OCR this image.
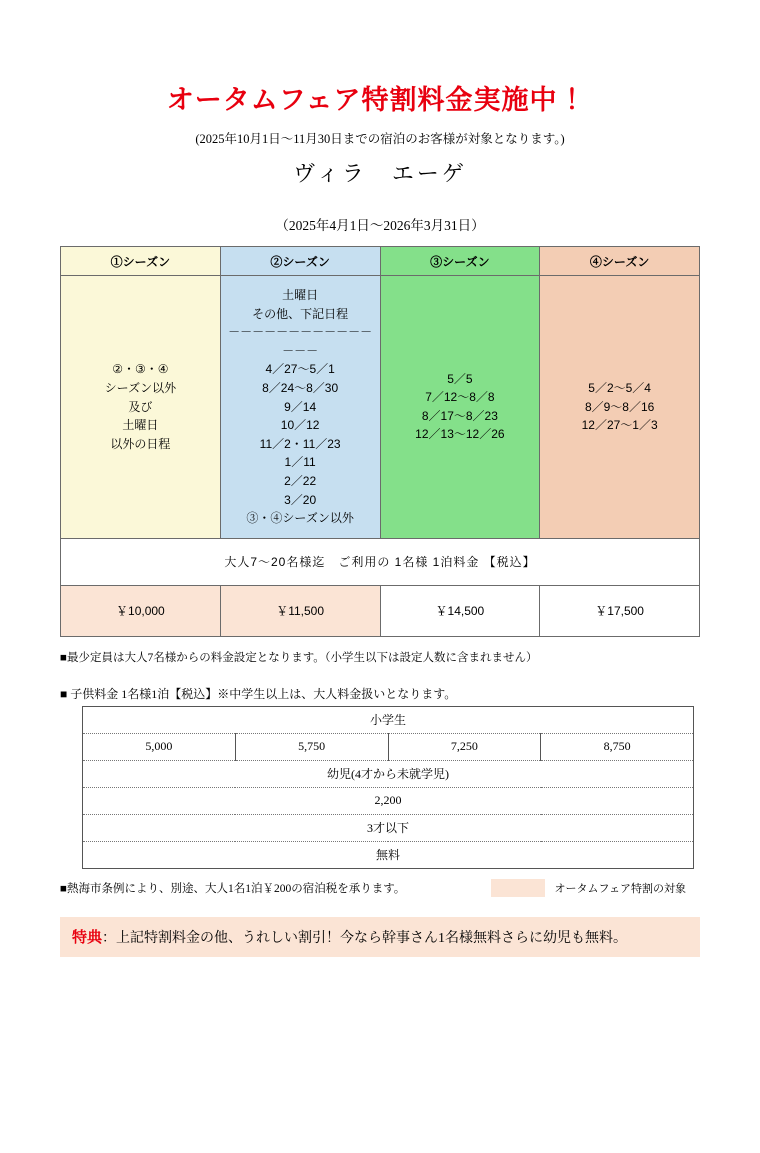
オータムフェア特割料金実施中 ！
(2025年10月1日～11月30日までの宿泊のお客様が対象となります。)
ヴィラ　エーゲ
（2025年4月1日～2026年3月31日）
①シーズン	②シーズン	③シーズン	④シーズン

②・③・④
シーズン以外
及び
土曜日
以外の日程

土曜日
その他、下記日程
－－－－－－－－－－－－－－－
4／27～5／1
8／24～8／30
9／14
10／12
11／2・11／23
1／11
2／22
3／20
③・④シーズン以外

5／5
7／12～8／8
8／17～8／23
12／13～12／26

5／2～5／4
8／9～8／16
12／27～1／3

大人7～20名様迄　ご利用の 1名様 1泊料金 【税込】			
￥10,000	￥11,500	￥14,500	￥17,500
■最少定員は大人7名様からの料金設定となります。（小学生以下は設定人数に含まれません）
■ 子供料金 1名様1泊【税込】※中学生以上は、大人料金扱いとなります。
小学生
5,000	5,750	7,250	8,750
幼児(4才から未就学児)
2,200
3才以下
無料
■熱海市条例により、別途、大人1名1泊￥200の宿泊税を承ります。	オータムフェア特割の対象
特典 ：上記特割料金の他、うれしい割引！今なら幹事さん1名様無料さらに幼児も無料。
